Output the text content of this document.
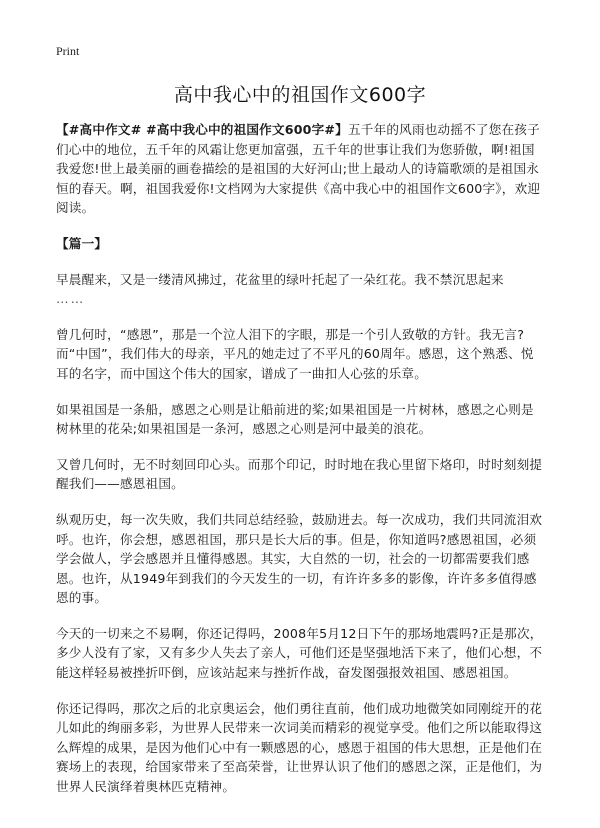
Print
高中我心中的祖国作文600字

【#高中作文# #高中我心中的祖国作文600字#】五千年的风雨也动摇不了您在孩子们心中的地位，五千年的风霜让您更加富强，五千年的世事让我们为您骄傲，啊!祖国我爱您!世上最美丽的画卷描绘的是祖国的大好河山;世上最动人的诗篇歌颂的是祖国永恒的春天。啊，祖国我爱你!文档网为大家提供《高中我心中的祖国作文600字》，欢迎阅读。

【篇一】

早晨醒来，又是一缕清风拂过，花盆里的绿叶托起了一朵红花。我不禁沉思起来

……

曾几何时，“感恩”，那是一个泣人泪下的字眼，那是一个引人致敬的方针。我无言?而“中国”，我们伟大的母亲，平凡的她走过了不平凡的60周年。感恩，这个熟悉、悦耳的名字，而中国这个伟大的国家，谱成了一曲扣人心弦的乐章。

如果祖国是一条船，感恩之心则是让船前进的桨;如果祖国是一片树林，感恩之心则是树林里的花朵;如果祖国是一条河，感恩之心则是河中最美的浪花。

又曾几何时，无不时刻回印心头。而那个印记，时时地在我心里留下烙印，时时刻刻提醒我们——感恩祖国。

纵观历史，每一次失败，我们共同总结经验，鼓励进去。每一次成功，我们共同流泪欢呼。也许，你会想，感恩祖国，那只是长大后的事。但是，你知道吗?感恩祖国，必须学会做人，学会感恩并且懂得感恩。其实，大自然的一切，社会的一切都需要我们感恩。也许，从1949年到我们的今天发生的一切，有许许多多的影像，许许多多值得感恩的事。

今天的一切来之不易啊，你还记得吗，2008年5月12日下午的那场地震吗?正是那次，多少人没有了家，又有多少人失去了亲人，可他们还是坚强地活下来了，他们心想，不能这样轻易被挫折吓倒，应该站起来与挫折作战，奋发图强报效祖国、感恩祖国。

你还记得吗，那次之后的北京奥运会，他们勇往直前，他们成功地微笑如同刚绽开的花儿如此的绚丽多彩，为世界人民带来一次词美而精彩的视觉享受。他们之所以能取得这么辉煌的成果，是因为他们心中有一颗感恩的心，感恩于祖国的伟大思想，正是他们在赛场上的表现，给国家带来了至高荣誉，让世界认识了他们的感恩之深，正是他们，为世界人民演绎着奥林匹克精神。
